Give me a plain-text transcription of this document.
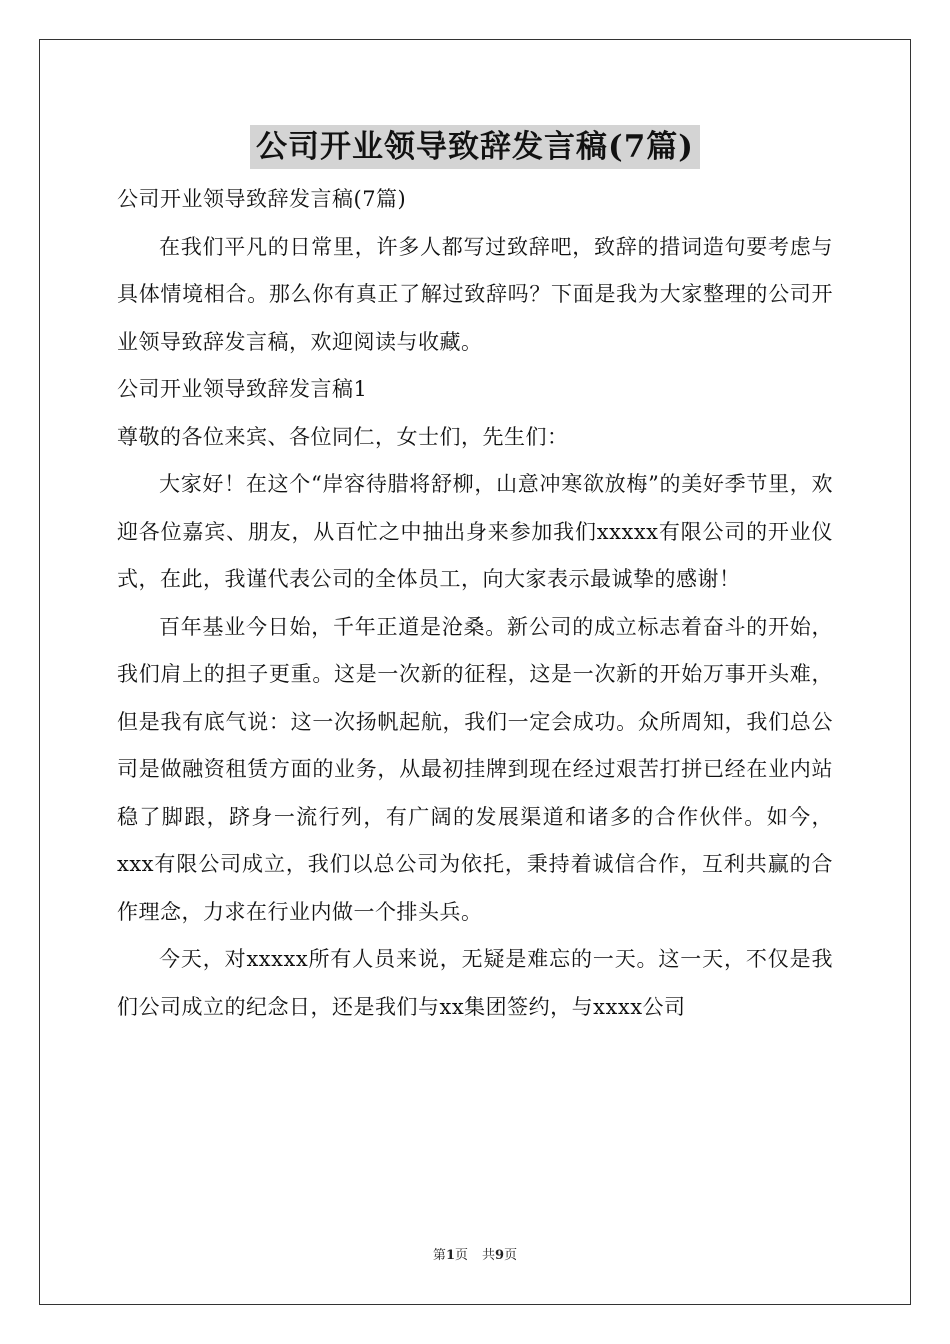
公司开业领导致辞发言稿(7篇)

公司开业领导致辞发言稿(7篇)

在我们平凡的日常里，许多人都写过致辞吧，致辞的措词造句要考虑与具体情境相合。那么你有真正了解过致辞吗？下面是我为大家整理的公司开业领导致辞发言稿，欢迎阅读与收藏。

公司开业领导致辞发言稿1

尊敬的各位来宾、各位同仁，女士们，先生们：

大家好！在这个“岸容待腊将舒柳，山意冲寒欲放梅”的美好季节里，欢迎各位嘉宾、朋友，从百忙之中抽出身来参加我们xxxxx有限公司的开业仪式，在此，我谨代表公司的全体员工，向大家表示最诚挚的感谢！

百年基业今日始，千年正道是沧桑。新公司的成立标志着奋斗的开始，我们肩上的担子更重。这是一次新的征程，这是一次新的开始万事开头难，但是我有底气说：这一次扬帆起航，我们一定会成功。众所周知，我们总公司是做融资租赁方面的业务，从最初挂牌到现在经过艰苦打拼已经在业内站稳了脚跟，跻身一流行列，有广阔的发展渠道和诸多的合作伙伴。如今，xxx有限公司成立，我们以总公司为依托，秉持着诚信合作，互利共赢的合作理念，力求在行业内做一个排头兵。

今天，对xxxxx所有人员来说，无疑是难忘的一天。这一天，不仅是我们公司成立的纪念日，还是我们与xx集团签约，与xxxx公司

第1页 共9页
